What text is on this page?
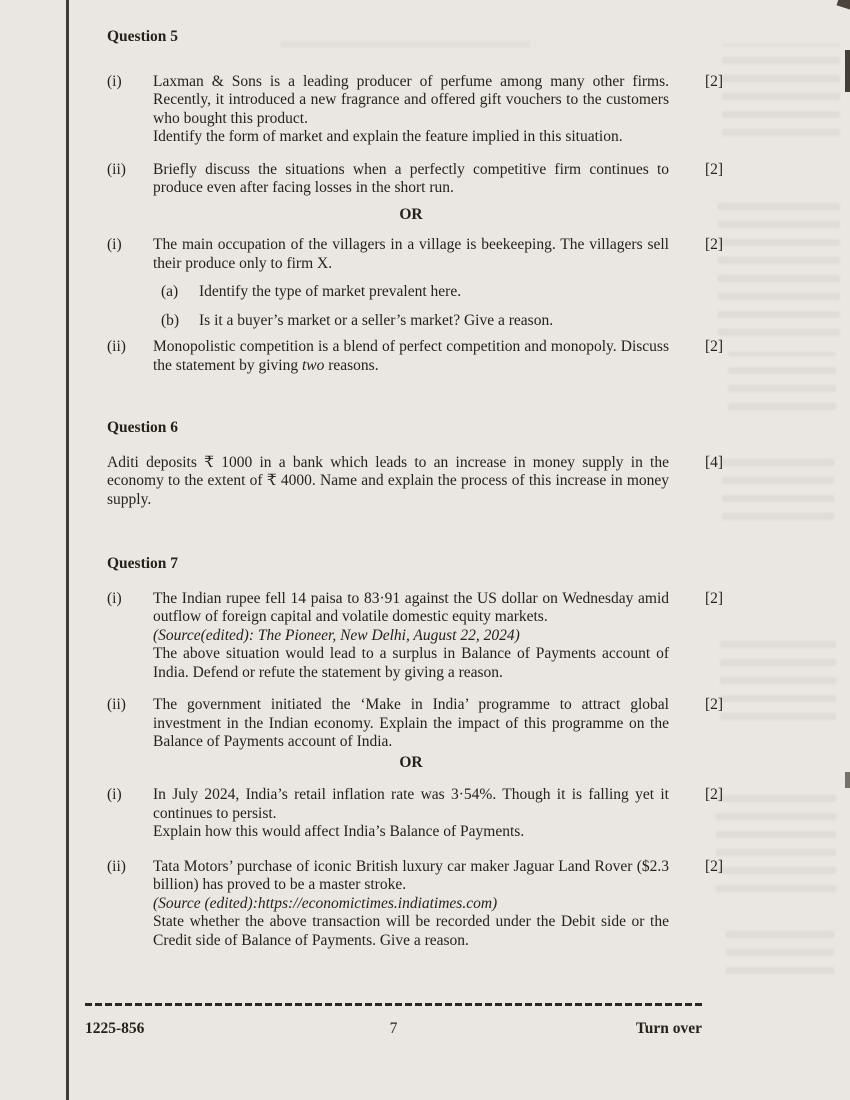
Question 5
(i)	Laxman & Sons is a leading producer of perfume among many other firms. Recently, it introduced a new fragrance and offered gift vouchers to the customers who bought this product.

Identify the form of market and explain the feature implied in this situation.

[2]
(ii)	Briefly discuss the situations when a perfectly competitive firm continues to produce even after facing losses in the short run.

[2]
OR
(i)	The main occupation of the villagers in a village is beekeeping. The villagers sell their produce only to firm X.

(a)	Identify the type of market prevalent here.
(b)	Is it a buyer’s market or a seller’s market? Give a reason.
[2]
(ii)	Monopolistic competition is a blend of perfect competition and monopoly. Discuss the statement by giving two reasons.

[2]
Question 6

Aditi deposits ₹ 1000 in a bank which leads to an increase in money supply in the economy to the extent of ₹ 4000. Name and explain the process of this increase in money supply.

[4]
Question 7
(i)	The Indian rupee fell 14 paisa to 83·91 against the US dollar on Wednesday amid outflow of foreign capital and volatile domestic equity markets.

(Source(edited): The Pioneer, New Delhi, August 22, 2024)

The above situation would lead to a surplus in Balance of Payments account of India. Defend or refute the statement by giving a reason.

[2]
(ii)	The government initiated the ‘Make in India’ programme to attract global investment in the Indian economy. Explain the impact of this programme on the Balance of Payments account of India.

[2]
OR
(i)	In July 2024, India’s retail inflation rate was 3·54%. Though it is falling yet it continues to persist.

Explain how this would affect India’s Balance of Payments.

[2]
(ii)	Tata Motors’ purchase of iconic British luxury car maker Jaguar Land Rover ($2.3 billion) has proved to be a master stroke.

(Source (edited):https://economictimes.indiatimes.com)

State whether the above transaction will be recorded under the Debit side or the Credit side of Balance of Payments. Give a reason.

[2]
1225-856	7	Turn over
